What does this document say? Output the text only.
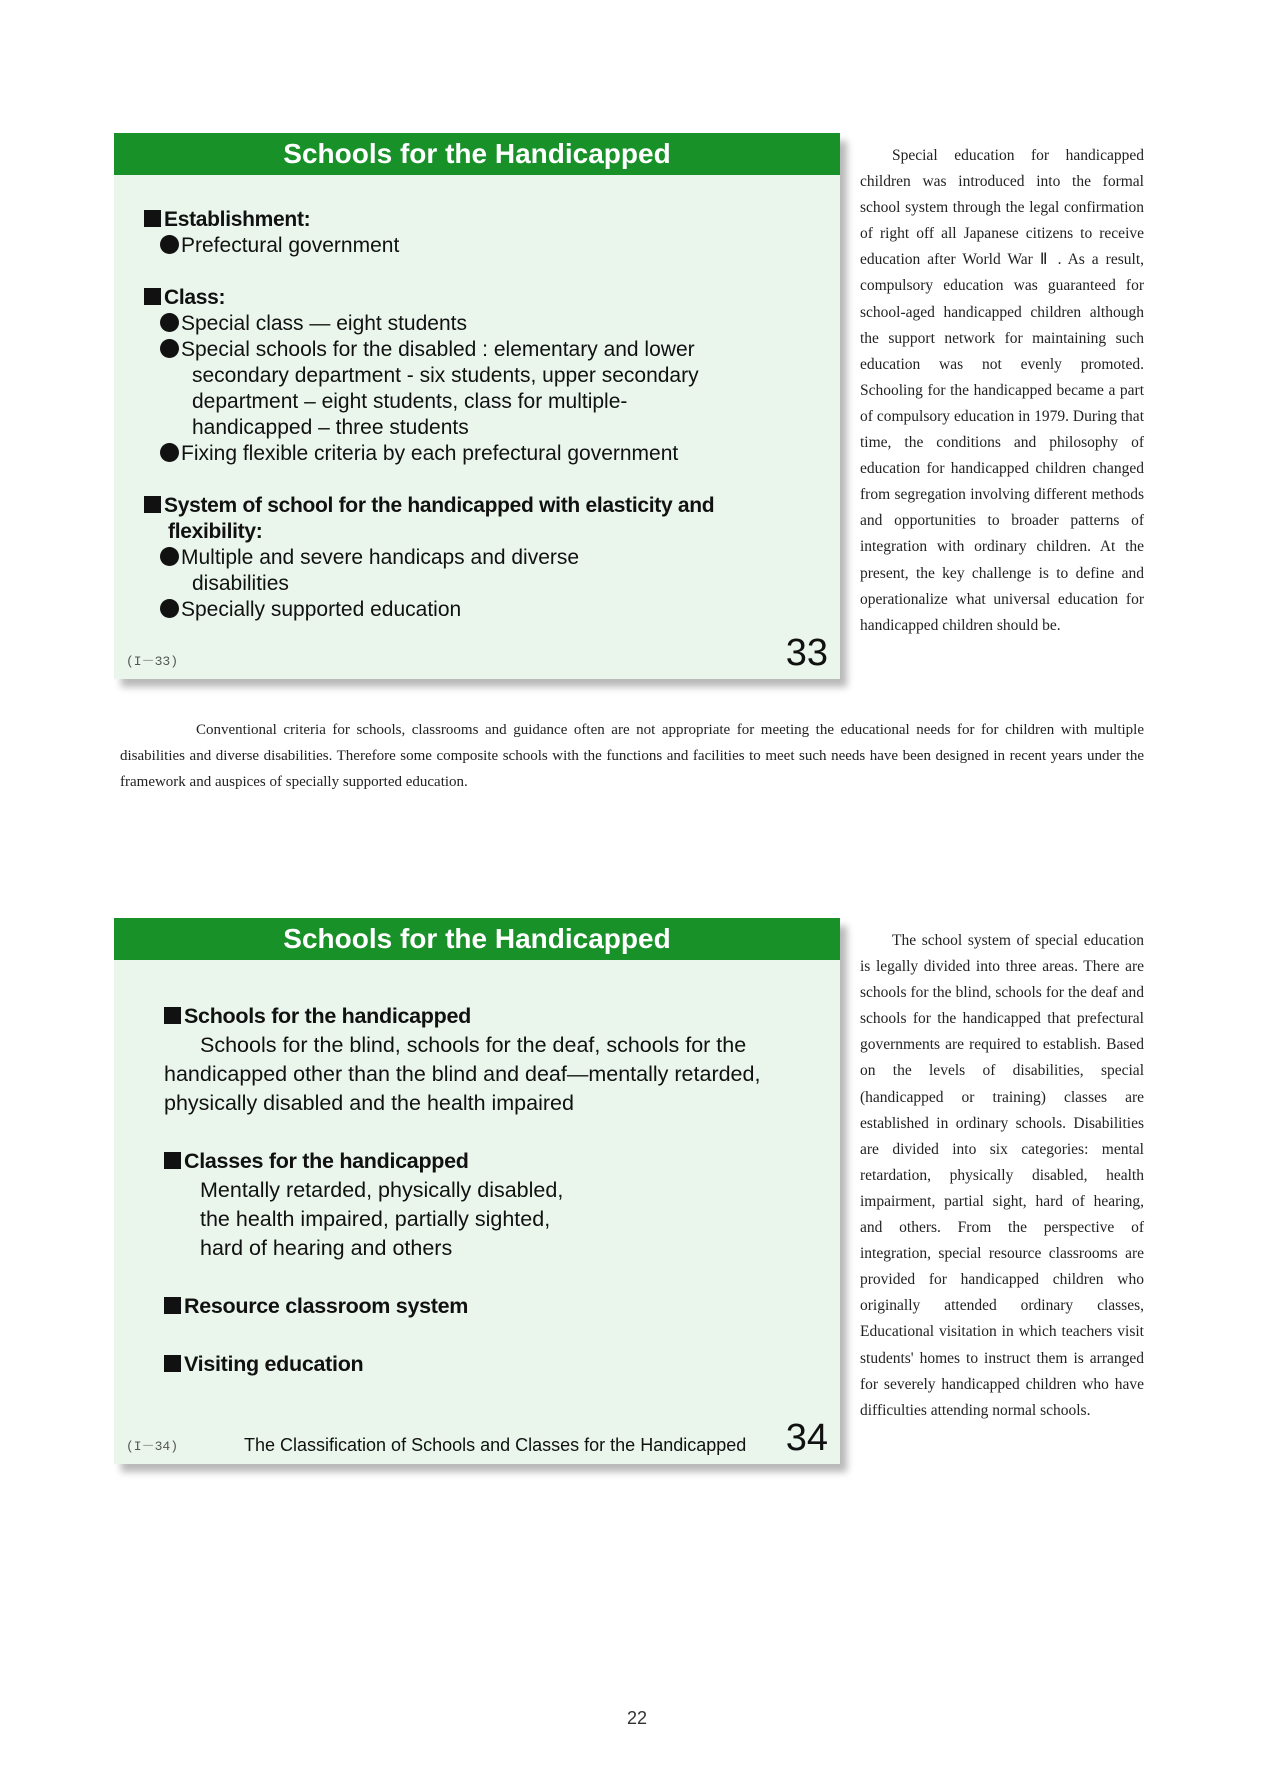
Schools for the Handicapped
Establishment:
Prefectural government
Class:
Special class — eight students
Special schools for the disabled : elementary and lower
secondary department - six students, upper secondary
department – eight students, class for multiple-
handicapped – three students
Fixing flexible criteria by each prefectural government
System of school for the handicapped with elasticity and
flexibility:
Multiple and severe handicaps and diverse
disabilities
Specially supported education
(I－33)	33
Special education for handicapped children was introduced into the formal school system through the legal confirmation of right off all Japanese citizens to receive education after World War Ⅱ . As a result, compulsory education was guaranteed for school-aged handicapped children although the support network for maintaining such education was not evenly promoted. Schooling for the handicapped became a part of compulsory education in 1979. During that time, the conditions and philosophy of education for handicapped children changed from segregation involving different methods and opportunities to broader patterns of integration with ordinary children. At the present, the key challenge is to define and operationalize what universal education for handicapped children should be.
Conventional criteria for schools, classrooms and guidance often are not appropriate for meeting the educational needs for for children with multiple disabilities and diverse disabilities. Therefore some composite schools with the functions and facilities to meet such needs have been designed in recent years under the framework and auspices of specially supported education.
Schools for the Handicapped
Schools for the handicapped
Schools for the blind, schools for the deaf, schools for the
handicapped other than the blind and deaf—mentally retarded,
physically disabled and the health impaired
Classes for the handicapped
Mentally retarded, physically disabled,
the health impaired, partially sighted,
hard of hearing and others
Resource classroom system
Visiting education
(I－34)	The Classification of Schools and Classes for the Handicapped 34
The school system of special education is legally divided into three areas. There are schools for the blind, schools for the deaf and schools for the handicapped that prefectural governments are required to establish. Based on the levels of disabilities, special (handicapped or training) classes are established in ordinary schools. Disabilities are divided into six categories: mental retardation, physically disabled, health impairment, partial sight, hard of hearing, and others. From the perspective of integration, special resource classrooms are provided for handicapped children who originally attended ordinary classes, Educational visitation in which teachers visit students' homes to instruct them is arranged for severely handicapped children who have difficulties attending normal schools.
22
